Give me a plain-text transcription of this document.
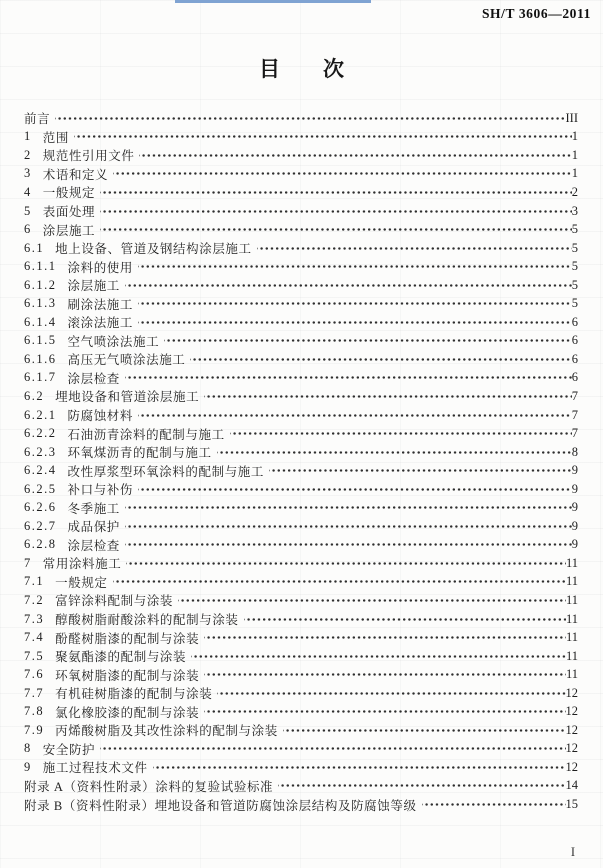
SH/T 3606—2011
目次
前言	III
1 范围	1
2 规范性引用文件	1
3 术语和定义	1
4 一般规定	2
5 表面处理	3
6 涂层施工	5
6.1 地上设备、管道及钢结构涂层施工	5
6.1.1 涂料的使用	5
6.1.2 涂层施工	5
6.1.3 刷涂法施工	5
6.1.4 滚涂法施工	6
6.1.5 空气喷涂法施工	6
6.1.6 高压无气喷涂法施工	6
6.1.7 涂层检查	6
6.2 埋地设备和管道涂层施工	7
6.2.1 防腐蚀材料	7
6.2.2 石油沥青涂料的配制与施工	7
6.2.3 环氧煤沥青的配制与施工	8
6.2.4 改性厚浆型环氧涂料的配制与施工	9
6.2.5 补口与补伤	9
6.2.6 冬季施工	9
6.2.7 成品保护	9
6.2.8 涂层检查	9
7 常用涂料施工	11
7.1 一般规定	11
7.2 富锌涂料配制与涂装	11
7.3 醇酸树脂耐酸涂料的配制与涂装	11
7.4 酚醛树脂漆的配制与涂装	11
7.5 聚氨酯漆的配制与涂装	11
7.6 环氧树脂漆的配制与涂装	11
7.7 有机硅树脂漆的配制与涂装	12
7.8 氯化橡胶漆的配制与涂装	12
7.9 丙烯酸树脂及其改性涂料的配制与涂装	12
8 安全防护	12
9 施工过程技术文件	12
附录 A（资料性附录）涂料的复验试验标准	14
附录 B（资料性附录）埋地设备和管道防腐蚀涂层结构及防腐蚀等级	15
I
